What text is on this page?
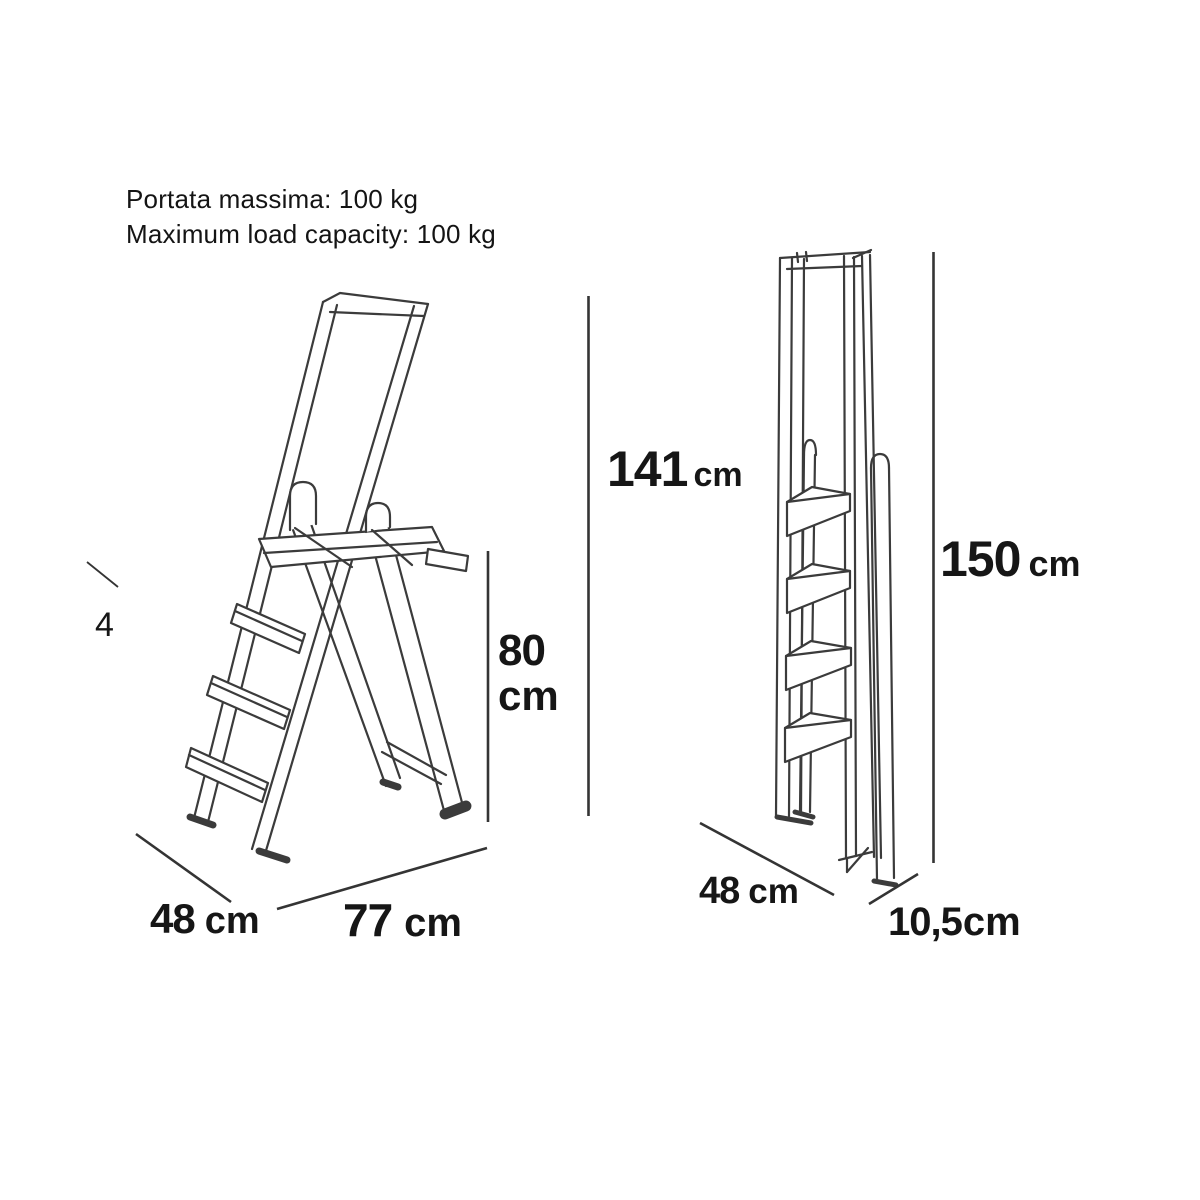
Portata massima: 100 kg
Maximum load capacity: 100 kg
141 cm
80
cm
150 cm
48 cm 77 cm
48 cm
10,5 cm
4
